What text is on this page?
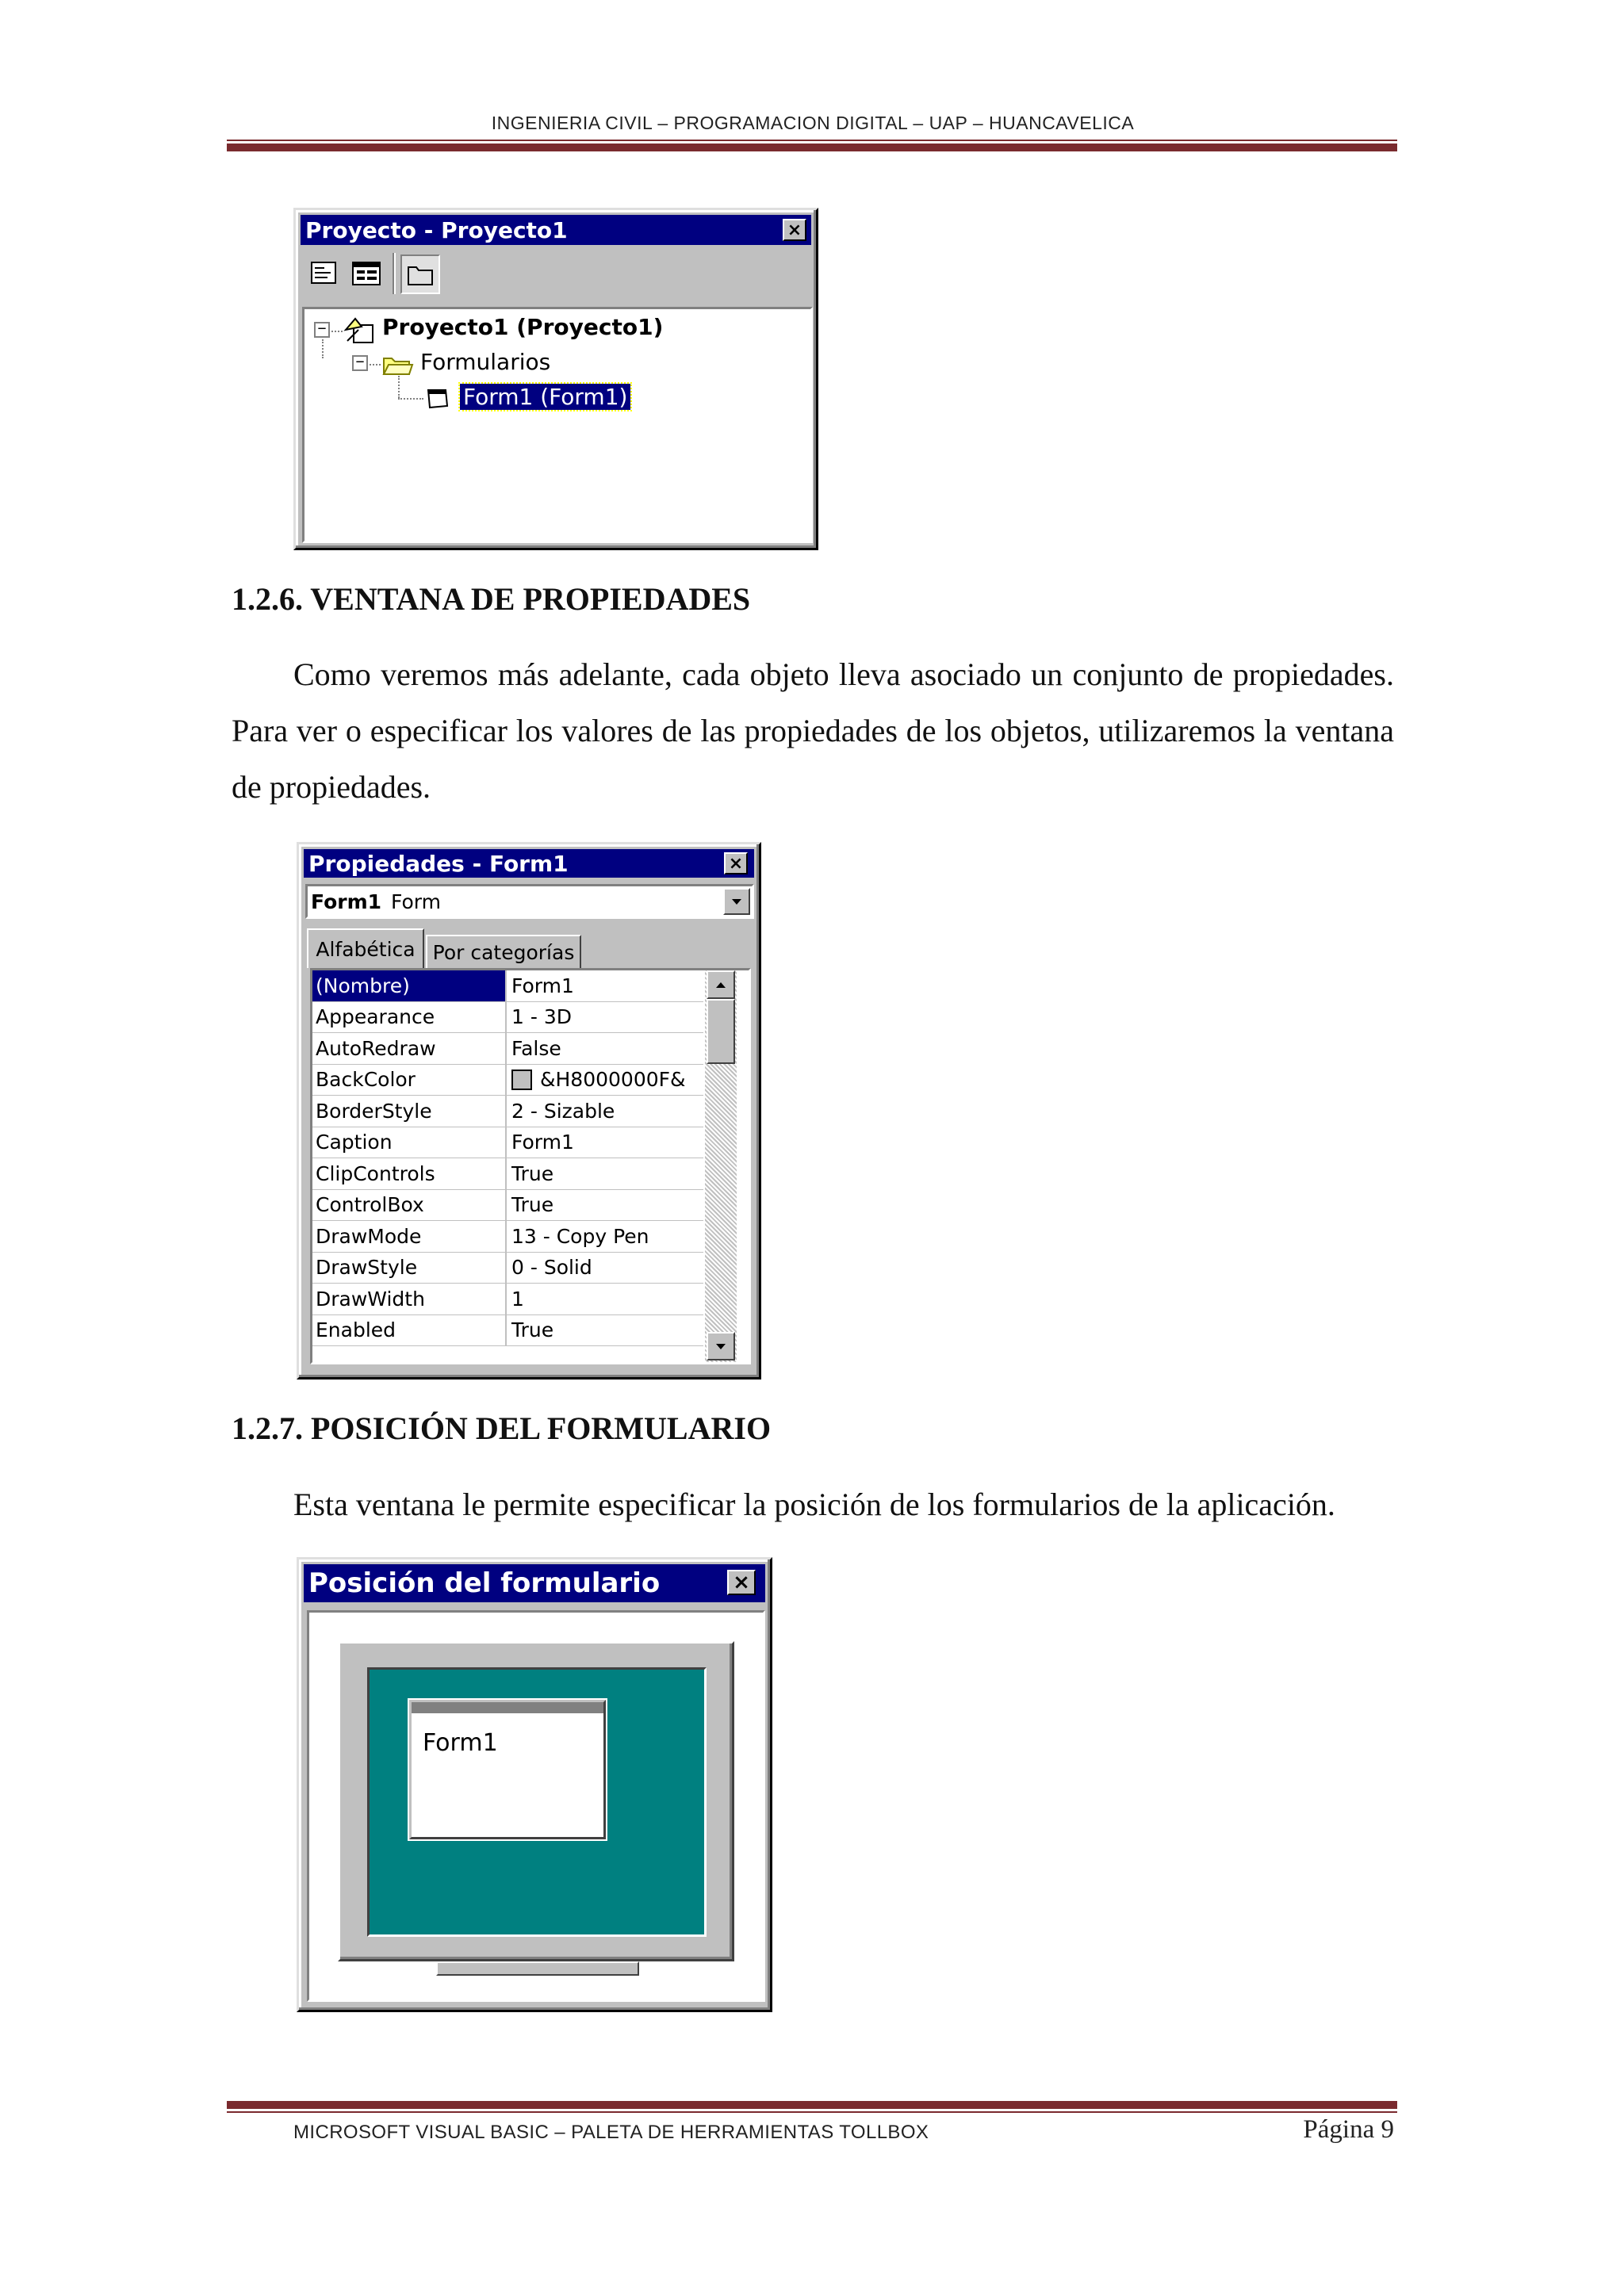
INGENIERIA CIVIL – PROGRAMACION DIGITAL – UAP – HUANCAVELICA
Proyecto - Proyecto1	×
−	Proyecto1 (Proyecto1)
−	Formularios
Form1 (Form1)
1.2.6. VENTANA DE PROPIEDADES
Como veremos más adelante, cada objeto lleva asociado un conjunto de propiedades. Para ver o especificar los valores de las propiedades de los objetos, utilizaremos la ventana de propiedades.
Propiedades - Form1	×
Form1 Form
Alfabética Por categorías
(Nombre)	Form1
Appearance	1 - 3D
AutoRedraw	False
BackColor	&H8000000F&
BorderStyle	2 - Sizable
Caption	Form1
ClipControls	True
ControlBox	True
DrawMode	13 - Copy Pen
DrawStyle	0 - Solid
DrawWidth	1
Enabled	True
1.2.7. POSICIÓN DEL FORMULARIO
Esta ventana le permite especificar la posición de los formularios de la aplicación.
Posición del formulario	×
Form1
MICROSOFT VISUAL BASIC – PALETA DE HERRAMIENTAS TOLLBOX	Página 9
